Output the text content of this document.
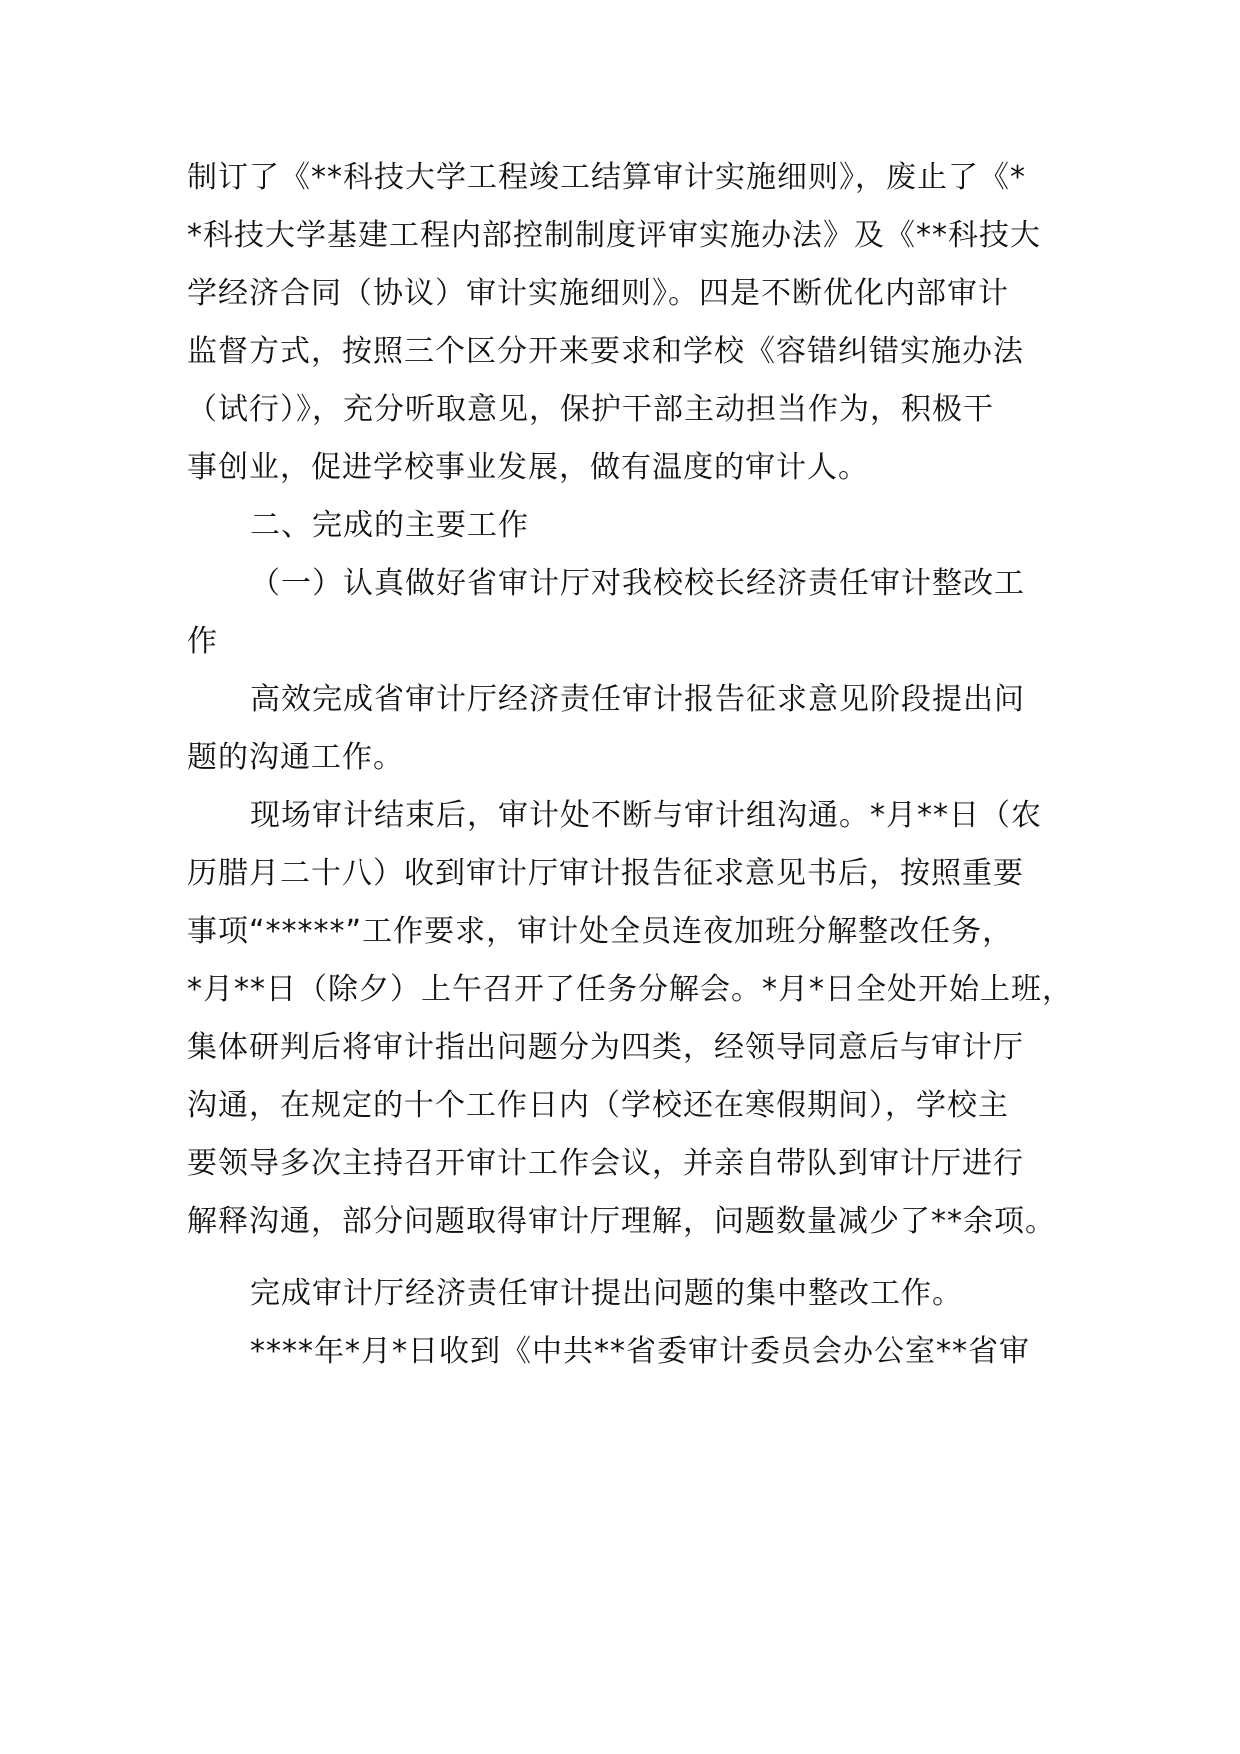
制订了《**科技大学工程竣工结算审计实施细则》，废止了《*
*科技大学基建工程内部控制制度评审实施办法》及《**科技大
学经济合同（协议）审计实施细则》。四是不断优化内部审计
监督方式，按照三个区分开来要求和学校《容错纠错实施办法
（试行）》，充分听取意见，保护干部主动担当作为，积极干
事创业，促进学校事业发展，做有温度的审计人。
二、完成的主要工作
（一）认真做好省审计厅对我校校长经济责任审计整改工
作
高效完成省审计厅经济责任审计报告征求意见阶段提出问
题的沟通工作。
现场审计结束后，审计处不断与审计组沟通。*月**日（农
历腊月二十八）收到审计厅审计报告征求意见书后，按照重要
事项“*****”工作要求，审计处全员连夜加班分解整改任务，
*月**日（除夕）上午召开了任务分解会。*月*日全处开始上班，
集体研判后将审计指出问题分为四类，经领导同意后与审计厅
沟通，在规定的十个工作日内（学校还在寒假期间），学校主
要领导多次主持召开审计工作会议，并亲自带队到审计厅进行
解释沟通，部分问题取得审计厅理解，问题数量减少了**余项。
完成审计厅经济责任审计提出问题的集中整改工作。
****年*月*日收到《中共**省委审计委员会办公室**省审
